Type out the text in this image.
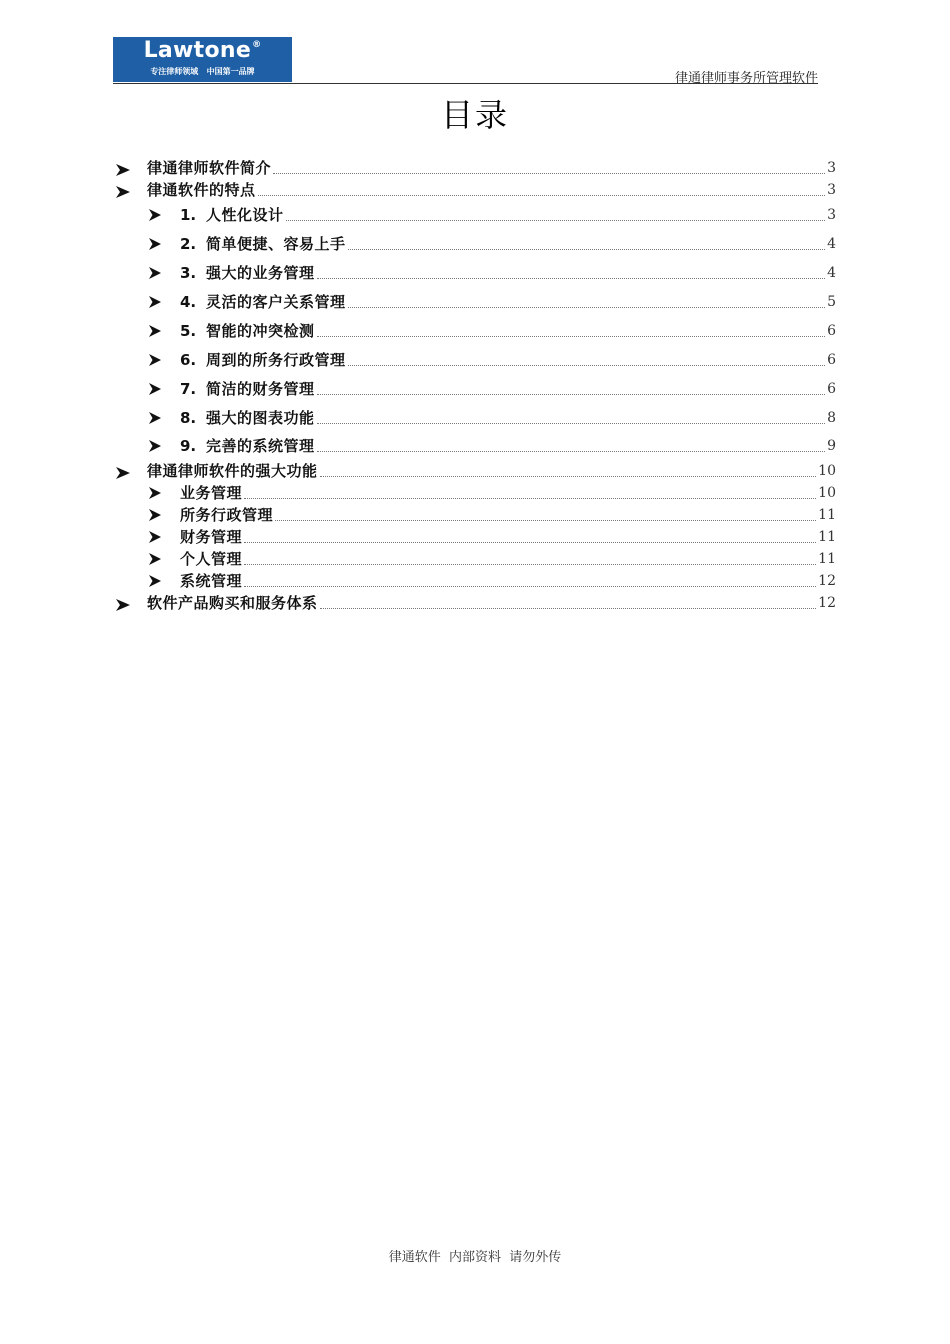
Lawtone®
专注律师领域   中国第一品牌	律通律师事务所管理软件
目录
律通律师软件简介	3
律通软件的特点	3
1. 人性化设计	3
2. 简单便捷、容易上手	4
3. 强大的业务管理	4
4. 灵活的客户关系管理	5
5. 智能的冲突检测	6
6. 周到的所务行政管理	6
7. 简洁的财务管理	6
8. 强大的图表功能	8
9. 完善的系统管理	9
律通律师软件的强大功能	10
业务管理	10
所务行政管理	11
财务管理	11
个人管理	11
系统管理	12
软件产品购买和服务体系	12
律通软件  内部资料  请勿外传
